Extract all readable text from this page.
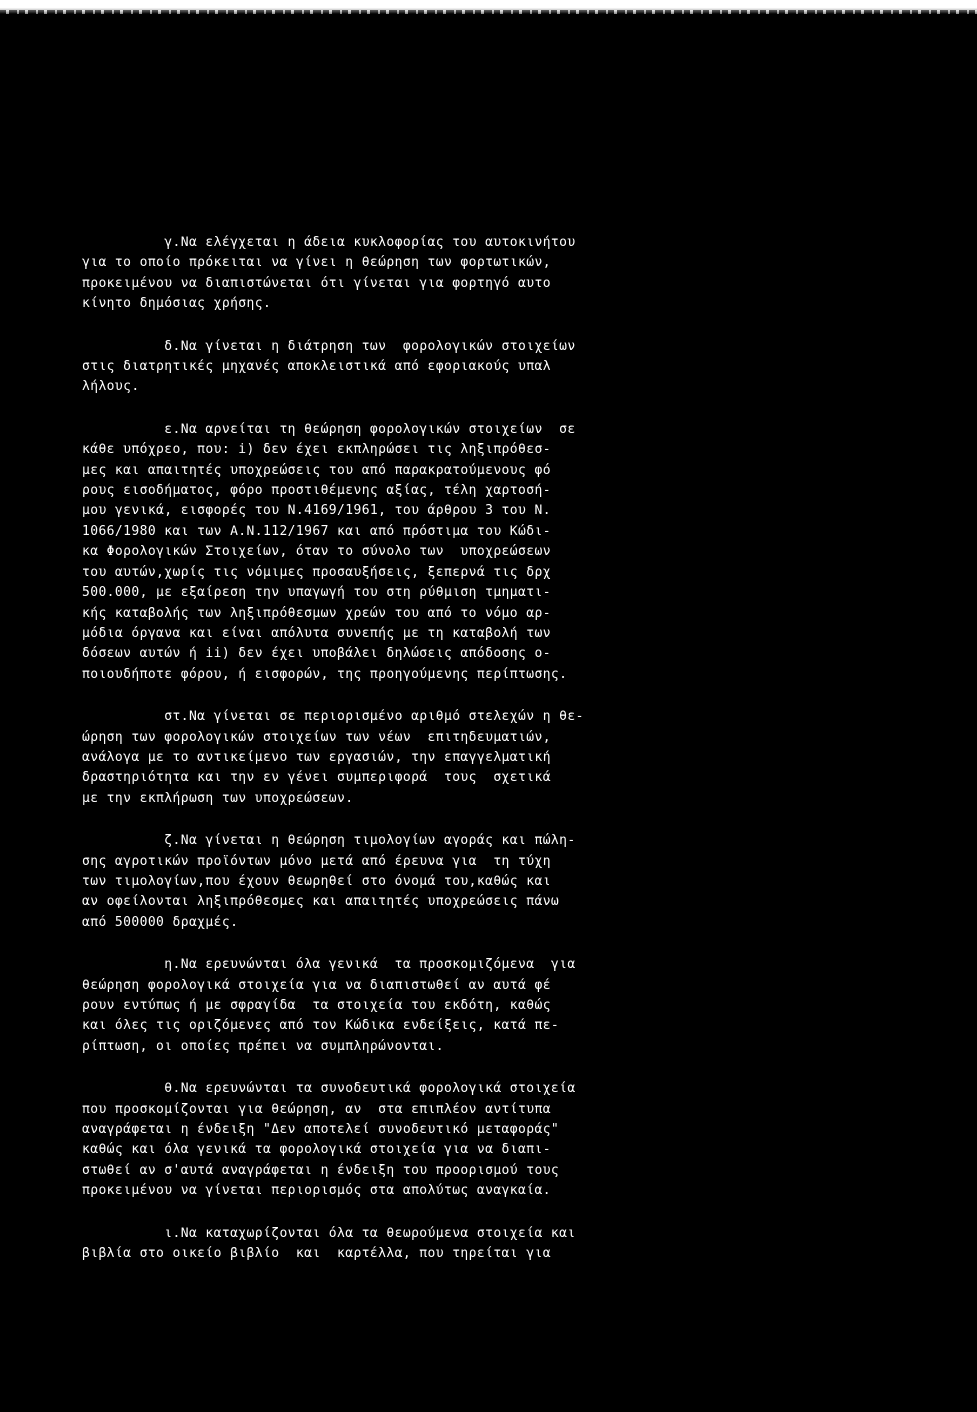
γ.Να ελέγχεται η άδεια κυκλοφορίας του αυτοκινήτου
για το οποίο πρόκειται να γίνει η θεώρηση των φορτωτικών,
προκειμένου να διαπιστώνεται ότι γίνεται για φορτηγό αυτο
κίνητο δημόσιας χρήσης.
δ.Να γίνεται η διάτρηση των  φορολογικών στοιχείων
στις διατρητικές μηχανές αποκλειστικά από εφοριακούς υπαλ
λήλους.
ε.Να αρνείται τη θεώρηση φορολογικών στοιχείων  σε
κάθε υπόχρεο, που: i) δεν έχει εκπληρώσει τις ληξιπρόθεσ-
μες και απαιτητές υποχρεώσεις του από παρακρατούμενους φό
ρους εισοδήματος, φόρο προστιθέμενης αξίας, τέλη χαρτοσή-
μου γενικά, εισφορές του Ν.4169/1961, του άρθρου 3 του Ν.
1066/1980 και των Α.Ν.112/1967 και από πρόστιμα του Κώδι-
κα Φορολογικών Στοιχείων, όταν το σύνολο των  υποχρεώσεων
του αυτών,χωρίς τις νόμιμες προσαυξήσεις, ξεπερνά τις δρχ
500.000, με εξαίρεση την υπαγωγή του στη ρύθμιση τμηματι-
κής καταβολής των ληξιπρόθεσμων χρεών του από το νόμο αρ-
μόδια όργανα και είναι απόλυτα συνεπής με τη καταβολή των
δόσεων αυτών ή ii) δεν έχει υποβάλει δηλώσεις απόδοσης ο-
ποιουδήποτε φόρου, ή εισφορών, της προηγούμενης περίπτωσης.
στ.Να γίνεται σε περιορισμένο αριθμό στελεχών η θε-
ώρηση των φορολογικών στοιχείων των νέων  επιτηδευματιών,
ανάλογα με το αντικείμενο των εργασιών, την επαγγελματική
δραστηριότητα και την εν γένει συμπεριφορά  τους  σχετικά
με την εκπλήρωση των υποχρεώσεων.
ζ.Να γίνεται η θεώρηση τιμολογίων αγοράς και πώλη-
σης αγροτικών προϊόντων μόνο μετά από έρευνα για  τη τύχη
των τιμολογίων,που έχουν θεωρηθεί στο όνομά του,καθώς και
αν οφείλονται ληξιπρόθεσμες και απαιτητές υποχρεώσεις πάνω
από 500000 δραχμές.
η.Να ερευνώνται όλα γενικά  τα προσκομιζόμενα  για
θεώρηση φορολογικά στοιχεία για να διαπιστωθεί αν αυτά φέ
ρουν εντύπως ή με σφραγίδα  τα στοιχεία του εκδότη, καθώς
και όλες τις οριζόμενες από τον Κώδικα ενδείξεις, κατά πε-
ρίπτωση, οι οποίες πρέπει να συμπληρώνονται.
θ.Να ερευνώνται τα συνοδευτικά φορολογικά στοιχεία
που προσκομίζονται για θεώρηση, αν  στα επιπλέον αντίτυπα
αναγράφεται η ένδειξη "Δεν αποτελεί συνοδευτικό μεταφοράς"
καθώς και όλα γενικά τα φορολογικά στοιχεία για να διαπι-
στωθεί αν σ'αυτά αναγράφεται η ένδειξη του προορισμού τους
προκειμένου να γίνεται περιορισμός στα απολύτως αναγκαία.
ι.Να καταχωρίζονται όλα τα θεωρούμενα στοιχεία και
βιβλία στο οικείο βιβλίο  και  καρτέλλα, που τηρείται για
